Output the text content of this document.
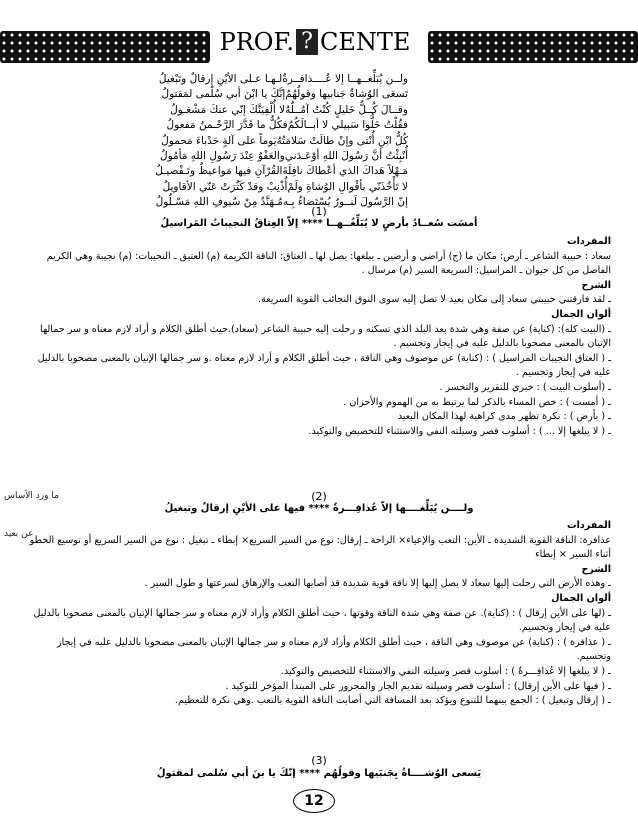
PROF. ? CENTE
ولــن يُبَلِّغــهــا إلا عُــــذافــرةٌ
لـهـا عـلى الأيْنِ إرقالٌ وتَبْغيلُ
تَسعَى الوُشاةُ جَنابيها وقولُهُمُ
إنَّكَ يا ابْنَ أبي سُلْمى لمَقتولُ
وقــالَ كُــلُّ خَليلٍ كُنْتُ آمُــلُهُ
لا أُلْفِيَنَّكَ إنّي عنكَ مَشْغـولُ
فقُلْتُ خَلُّوا سَبيلي لا أبــالَكُمُ
فكُلُّ ما قَدَّرَ الرَّحْـمنُ مَفعولُ
كُلُّ ابْنِ أُنْثى وإنْ طالَتْ سَلامَتُهُ
يَوماً على آلةٍ حَدْباءَ مَحمولُ
أُنْبِئْتُ أنَّ رَسُولَ اللهِ أوْعَـدَني
والعَفْوُ عِنْدَ رَسُولِ اللهِ مَأمُولُ
مَـهْلاً هَداكَ الذي أعْطاكَ نافِلَةَ
القُرْآنِ فيها مَواعيظٌ وتَـفْصيـلُ
لا تَأْخُذَنّي بأقْوالِ الوُشاةِ ولَمْ
أُذْنِبْ وقدْ كَثُرَتْ عَنّي الأقاويلُ
إنّ الرَّسُولَ لَنــورٌ يُسْتَضاءُ بِـه
مُـهَنَّدٌ مِنْ سُيوفِ اللهِ مَسْـلُولُ
(1)
أمسَت سُعــادُ بأرضٍ لا يُبَلِّغُــهــا **** إلاّ العِتاقُ النجيباتُ المَراسيلُ
المفردات
سعاد : حبيبة الشاعر ـ أرض: مكان ما (ج) أراضي و أرضين ـ يبلغها: يصل لها ـ العتاق: الناقة الكريمة (م) العتيق ـ النجيبات: (م) نجيبة وهي الكريم الفاضل من كل حيوان ـ المراسيل: السريعة السير (م) مرسال .
الشرح
ـ لقد فارقتني حبيبتي سعاد إلى مكان بعيد لا تصل إليه سوى النوق النجائب القوية السريعة.
ألوان الجمال
ـ (البيت كله): (كناية) عن صفة وهي شدة بعد البلد الذي تسكنه و رحلت إليه حبيبة الشاعر (سعاد).حيث أطلق الكلام و أراد لازم معناه و سر جمالها الإتيان بالمعنى مصحوبا بالدليل عليه في إيجاز وتجسيم .
ـ ( العتاق النجيبات المراسيل ) : (كناية) عن موصوف وهي الناقة ، حيث أطلق الكلام و أراد لازم معناه .و سر جمالها الإتيان بالمعنى مصحوبا بالدليل عليه في إيجاز وتجسيم .
ـ (أسلوب البيت ) : خبري للتقرير والتحسر .
ـ ( أمست ) : خص المساء بالذكر لما يرتبط به من الهموم والأحزان .
ـ ( بأرض ) : نكرة تظهر مدى كراهية لهذا المكان البعيد
ـ ( لا يبلغها إلا ... ) : أسلوب قصر وسيلته النفي والاستثناء للتخصيص والتوكيد.
ما ورد الأساس
عن بعيد
(2)
ولــــن يُبَلِّغــــها إلاّ عُذافِـــرةٌ **** فيها على الأيْنِ إرقالٌ وتبغيلُ
المفردات
عذافرة: الناقة القوية الشديدة ـ الأين: التعب والإعياء× الراحة ـ إرقال: نوع من السير السريع× إبطاء ـ تبغيل : نوع من السير السريع أو توسيع الخطو أثناء السير × إبطاء
الشرح
ـ وهذه الأرض التي رحلت إليها سعاد لا يصل إليها إلا ناقة قوية شديدة قد أصابها التعب والإرهاق لسرعتها و طول السير .
ألوان الجمال
ـ (لها على الأين إرقال ) : (كناية). عن صفة وهي شدة الناقة وقوتها ، حيث أطلق الكلام وأراد لازم معناه و سر جمالها الإتيان بالمعنى مصحوبا بالدليل عليه في إيجاز وتجسيم.
ـ ( عذافرة ) : (كناية) عن موصوف وهي الناقة ، حيث أطلق الكلام وأراد لازم معناه و سر جمالها الإتيان بالمعنى مصحوبا بالدليل عليه في إيجاز وتجسيم.
ـ ( لا يبلغها إلا عُذافِـــرةٌ ) : أسلوب قصر وسيلته النفي والاستثناء للتخصيص والتوكيد.
ـ ( فيها على الأين إرقال) : أسلوب قصر وسيلته تقديم الجار والمجرور على المبتدأ المؤخر للتوكيد .
ـ ( إرقال وتبغيل ) : الجمع بينهما للتنوع ويؤكد بعد المسافة التي أصابت الناقة القوية بالتعب .وهي نكرة للتعظيم.
(3)
يَسعى الوُشــــاةُ بِجَنبَيها وقولُهُم **** إنّكَ يا بنَ أبي سُلمى لمقتولُ
12
